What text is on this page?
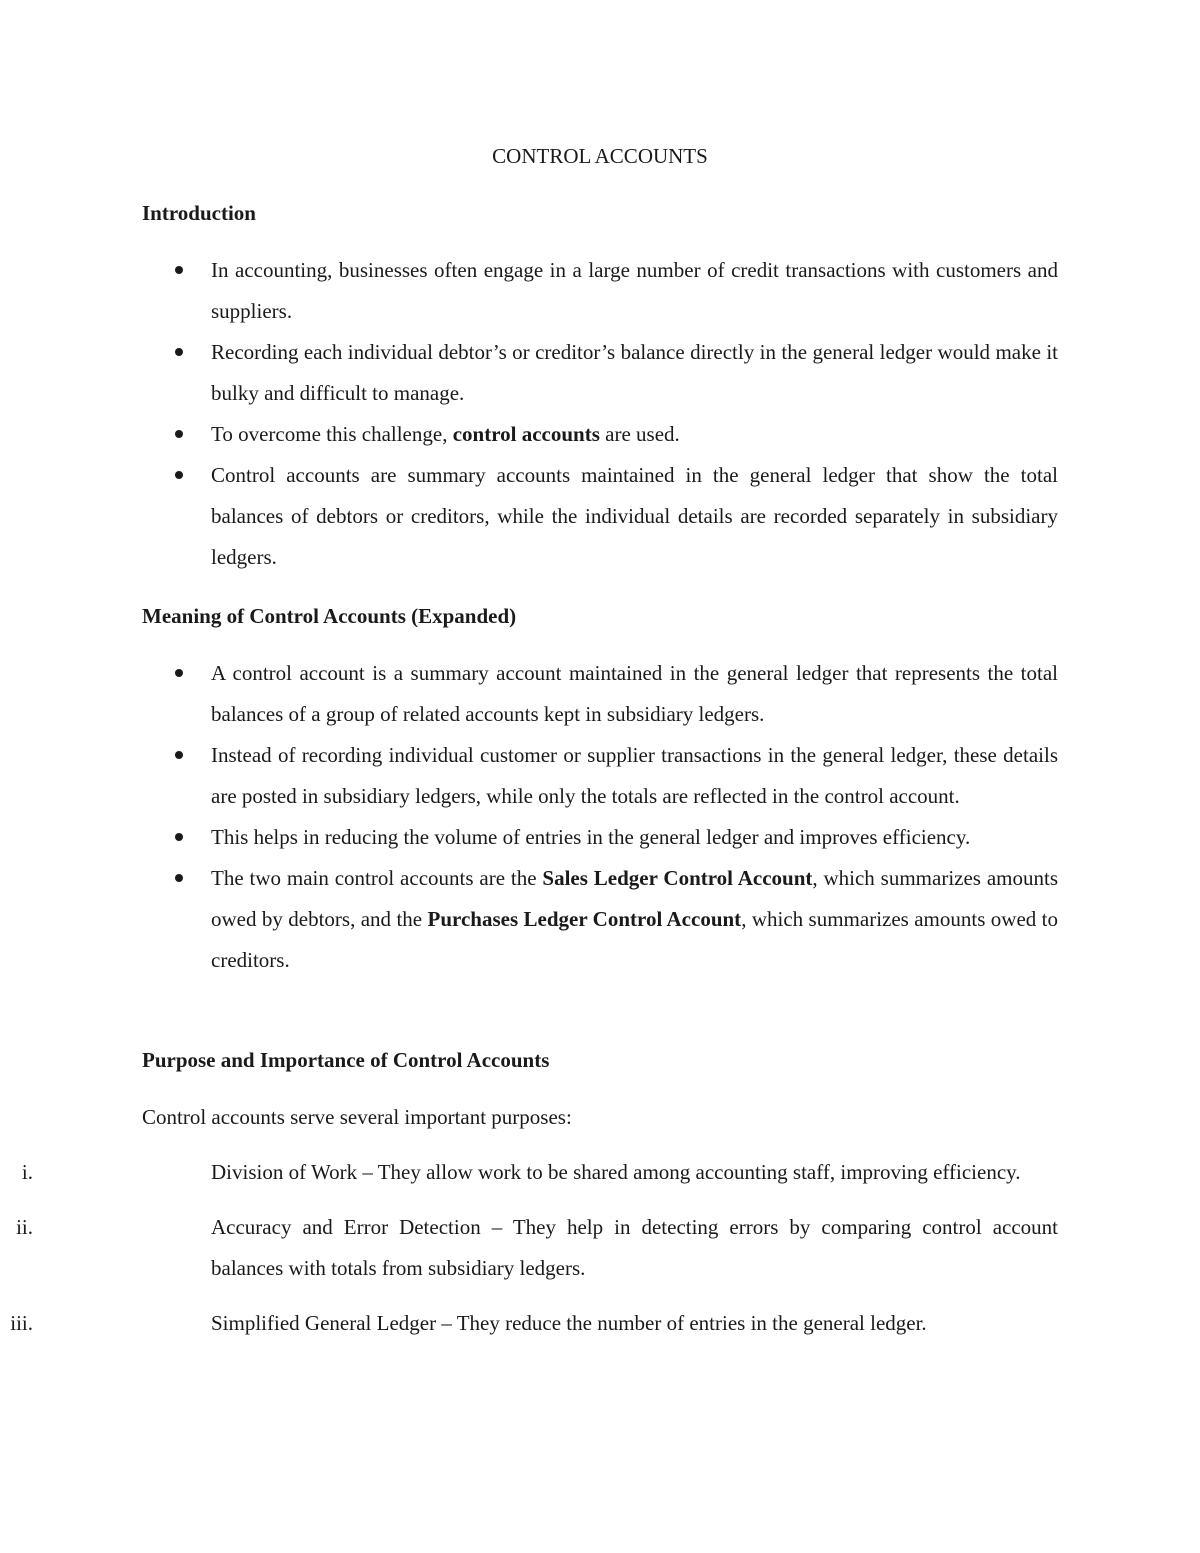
CONTROL ACCOUNTS
Introduction
In accounting, businesses often engage in a large number of credit transactions with customers and suppliers.
Recording each individual debtor’s or creditor’s balance directly in the general ledger would make it bulky and difficult to manage.
To overcome this challenge, control accounts are used.
Control accounts are summary accounts maintained in the general ledger that show the total balances of debtors or creditors, while the individual details are recorded separately in subsidiary ledgers.
Meaning of Control Accounts (Expanded)
A control account is a summary account maintained in the general ledger that represents the total balances of a group of related accounts kept in subsidiary ledgers.
Instead of recording individual customer or supplier transactions in the general ledger, these details are posted in subsidiary ledgers, while only the totals are reflected in the control account.
This helps in reducing the volume of entries in the general ledger and improves efficiency.
The two main control accounts are the Sales Ledger Control Account, which summarizes amounts owed by debtors, and the Purchases Ledger Control Account, which summarizes amounts owed to creditors.
Purpose and Importance of Control Accounts

Control accounts serve several important purposes:

i.	Division of Work – They allow work to be shared among accounting staff, improving efficiency.
ii.	Accuracy and Error Detection – They help in detecting errors by comparing control account balances with totals from subsidiary ledgers.
iii.	Simplified General Ledger – They reduce the number of entries in the general ledger.
